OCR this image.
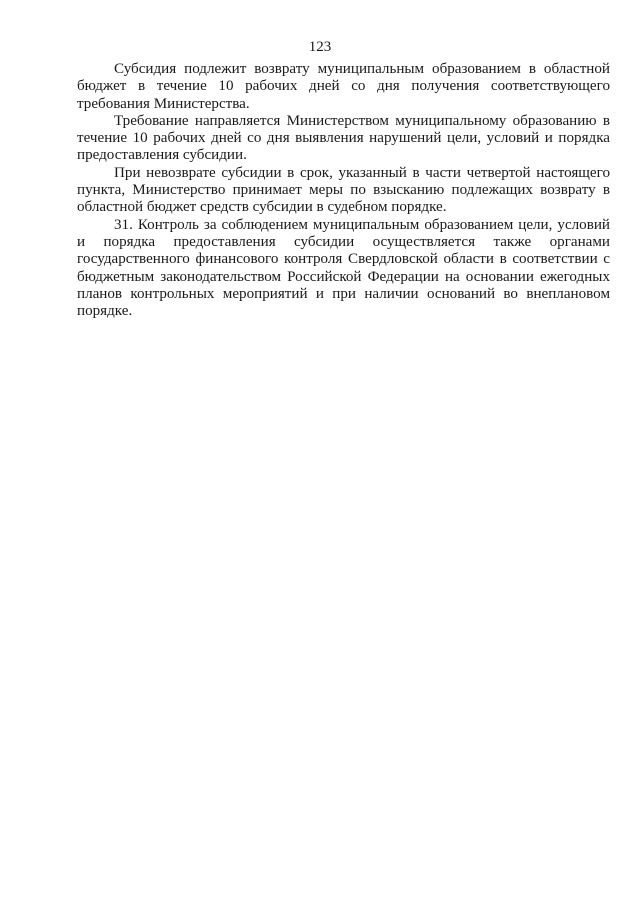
123

Субсидия подлежит возврату муниципальным образованием в областной бюджет в течение 10 рабочих дней со дня получения соответствующего требования Министерства.

Требование направляется Министерством муниципальному образованию в течение 10 рабочих дней со дня выявления нарушений цели, условий и порядка предоставления субсидии.

При невозврате субсидии в срок, указанный в части четвертой настоящего пункта, Министерство принимает меры по взысканию подлежащих возврату в областной бюджет средств субсидии в судебном порядке.

31. Контроль за соблюдением муниципальным образованием цели, условий и порядка предоставления субсидии осуществляется также органами государственного финансового контроля Свердловской области в соответствии с бюджетным законодательством Российской Федерации на основании ежегодных планов контрольных мероприятий и при наличии оснований во внеплановом порядке.
